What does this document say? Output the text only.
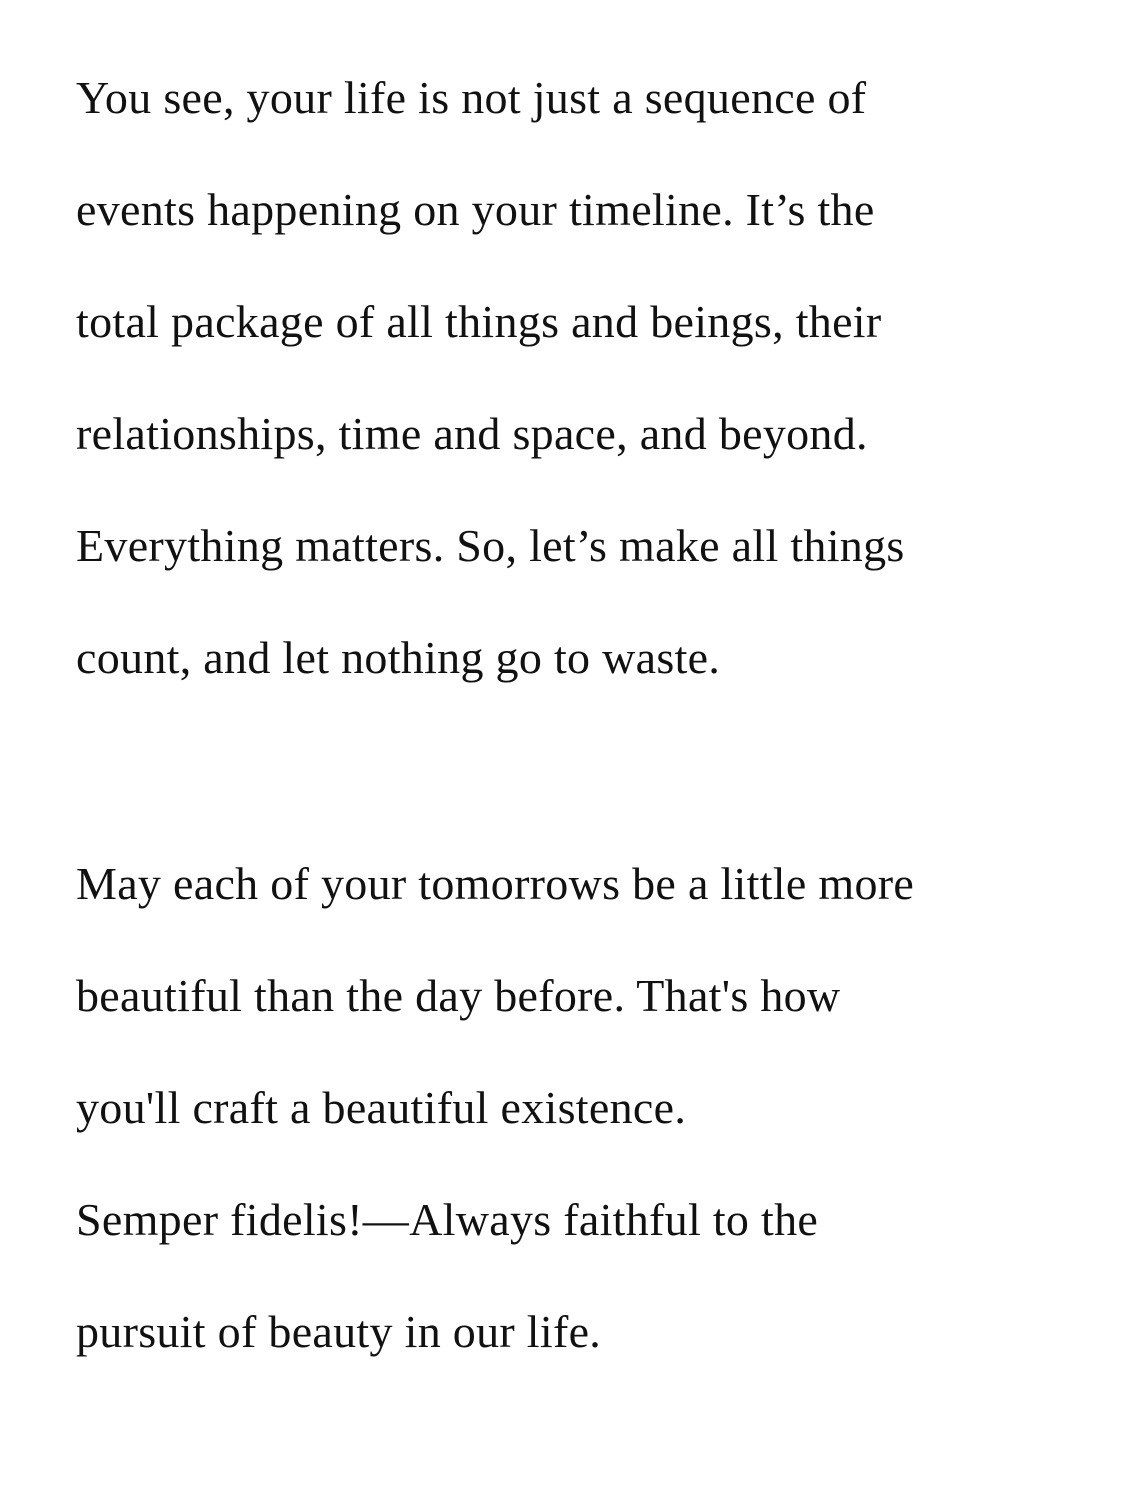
You see, your life is not just a sequence of
events happening on your timeline. It’s the
total package of all things and beings, their
relationships, time and space, and beyond.
Everything matters. So, let’s make all things
count, and let nothing go to waste.
May each of your tomorrows be a little more
beautiful than the day before. That's how
you'll craft a beautiful existence.
Semper fidelis!—Always faithful to the
pursuit of beauty in our life.
